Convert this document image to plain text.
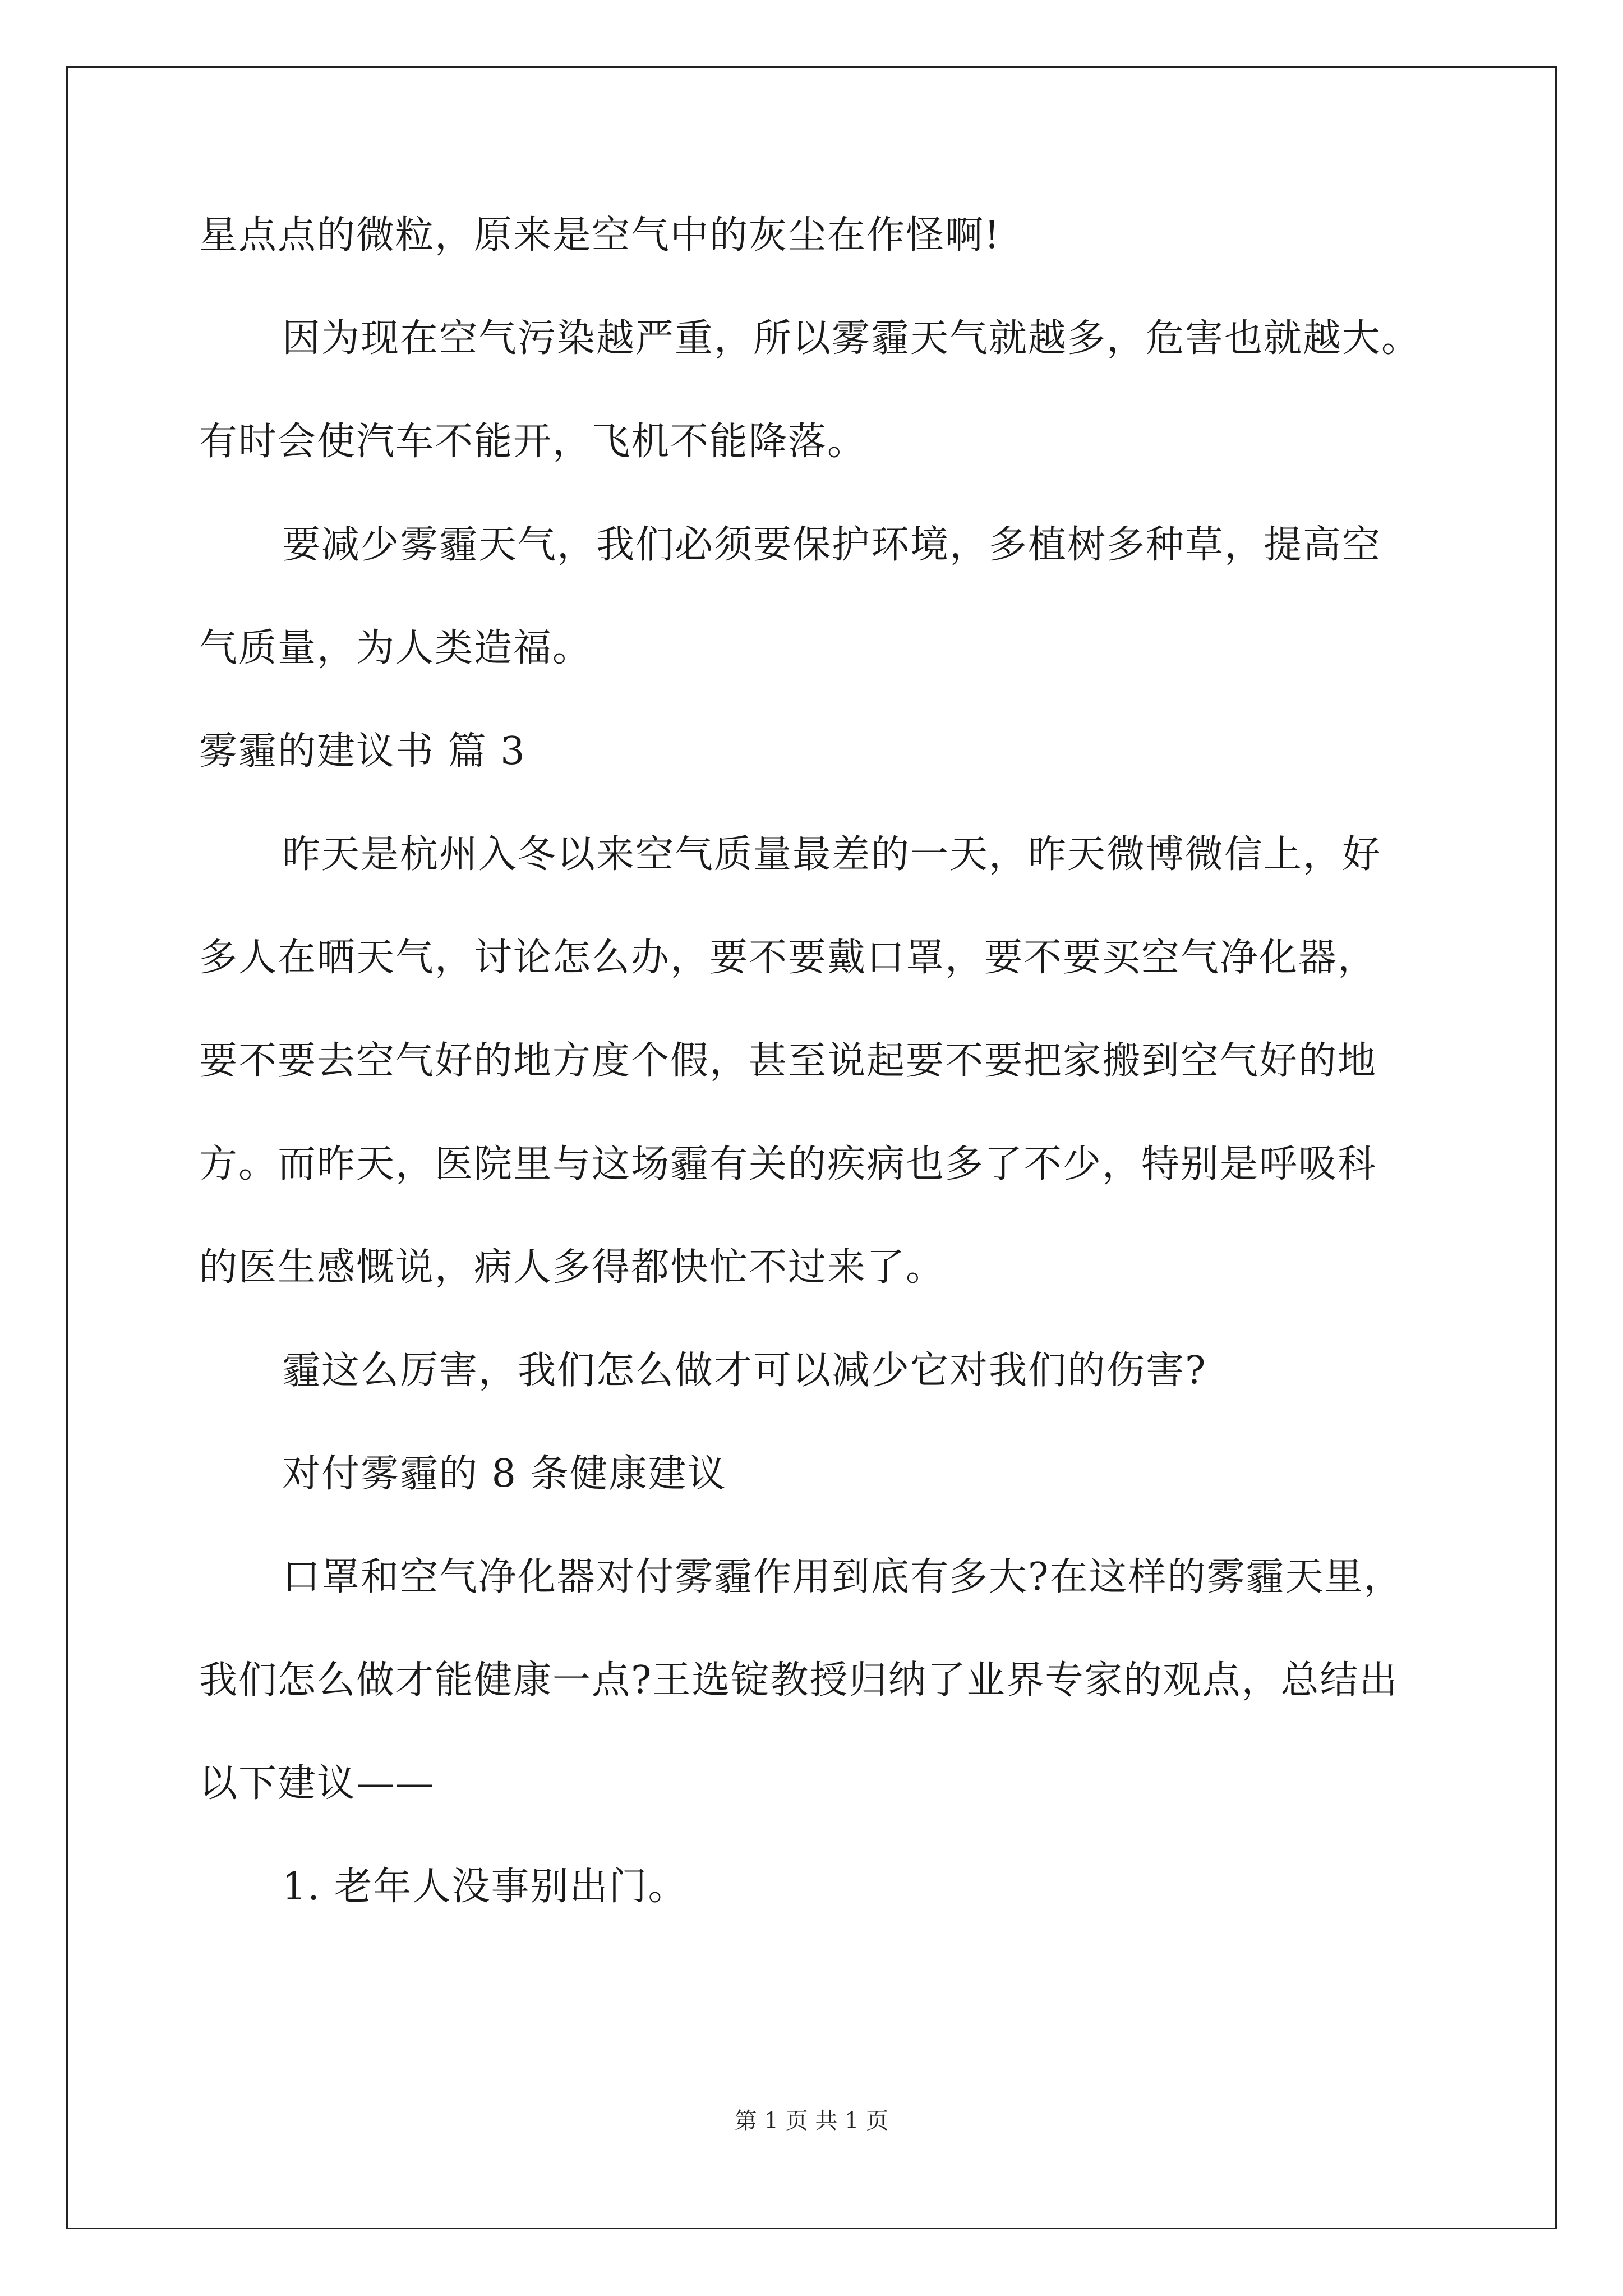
星点点的微粒，原来是空气中的灰尘在作怪啊!
因为现在空气污染越严重，所以雾霾天气就越多，危害也就越大。
有时会使汽车不能开，飞机不能降落。
要减少雾霾天气，我们必须要保护环境，多植树多种草，提高空
气质量，为人类造福。
雾霾的建议书 篇 3
昨天是杭州入冬以来空气质量最差的一天，昨天微博微信上，好
多人在晒天气，讨论怎么办，要不要戴口罩，要不要买空气净化器，
要不要去空气好的地方度个假，甚至说起要不要把家搬到空气好的地
方。而昨天，医院里与这场霾有关的疾病也多了不少，特别是呼吸科
的医生感慨说，病人多得都快忙不过来了。
霾这么厉害，我们怎么做才可以减少它对我们的伤害?
对付雾霾的 8 条健康建议
口罩和空气净化器对付雾霾作用到底有多大?在这样的雾霾天里，
我们怎么做才能健康一点?王选锭教授归纳了业界专家的观点，总结出
以下建议——
1. 老年人没事别出门。
第 1 页 共 1 页
